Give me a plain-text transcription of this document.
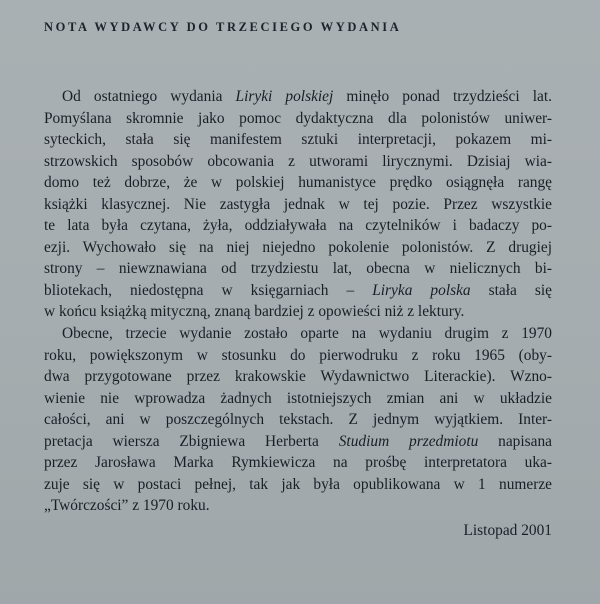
NOTA WYDAWCY DO TRZECIEGO WYDANIA
Od ostatniego wydania Liryki polskiej minęło ponad trzydzieści lat.
Pomyślana skromnie jako pomoc dydaktyczna dla polonistów uniwer-
syteckich, stała się manifestem sztuki interpretacji, pokazem mi-
strzowskich sposobów obcowania z utworami lirycznymi. Dzisiaj wia-
domo też dobrze, że w polskiej humanistyce prędko osiągnęła rangę
książki klasycznej. Nie zastygła jednak w tej pozie. Przez wszystkie
te lata była czytana, żyła, oddziaływała na czytelników i badaczy po-
ezji. Wychowało się na niej niejedno pokolenie polonistów. Z drugiej
strony – niewznawiana od trzydziestu lat, obecna w nielicznych bi-
bliotekach, niedostępna w księgarniach – Liryka polska stała się
w końcu książką mityczną, znaną bardziej z opowieści niż z lektury.
Obecne, trzecie wydanie zostało oparte na wydaniu drugim z 1970
roku, powiększonym w stosunku do pierwodruku z roku 1965 (oby-
dwa przygotowane przez krakowskie Wydawnictwo Literackie). Wzno-
wienie nie wprowadza żadnych istotniejszych zmian ani w układzie
całości, ani w poszczególnych tekstach. Z jednym wyjątkiem. Inter-
pretacja wiersza Zbigniewa Herberta Studium przedmiotu napisana
przez Jarosława Marka Rymkiewicza na prośbę interpretatora uka-
zuje się w postaci pełnej, tak jak była opublikowana w 1 numerze
„Twórczości” z 1970 roku.
Listopad 2001
